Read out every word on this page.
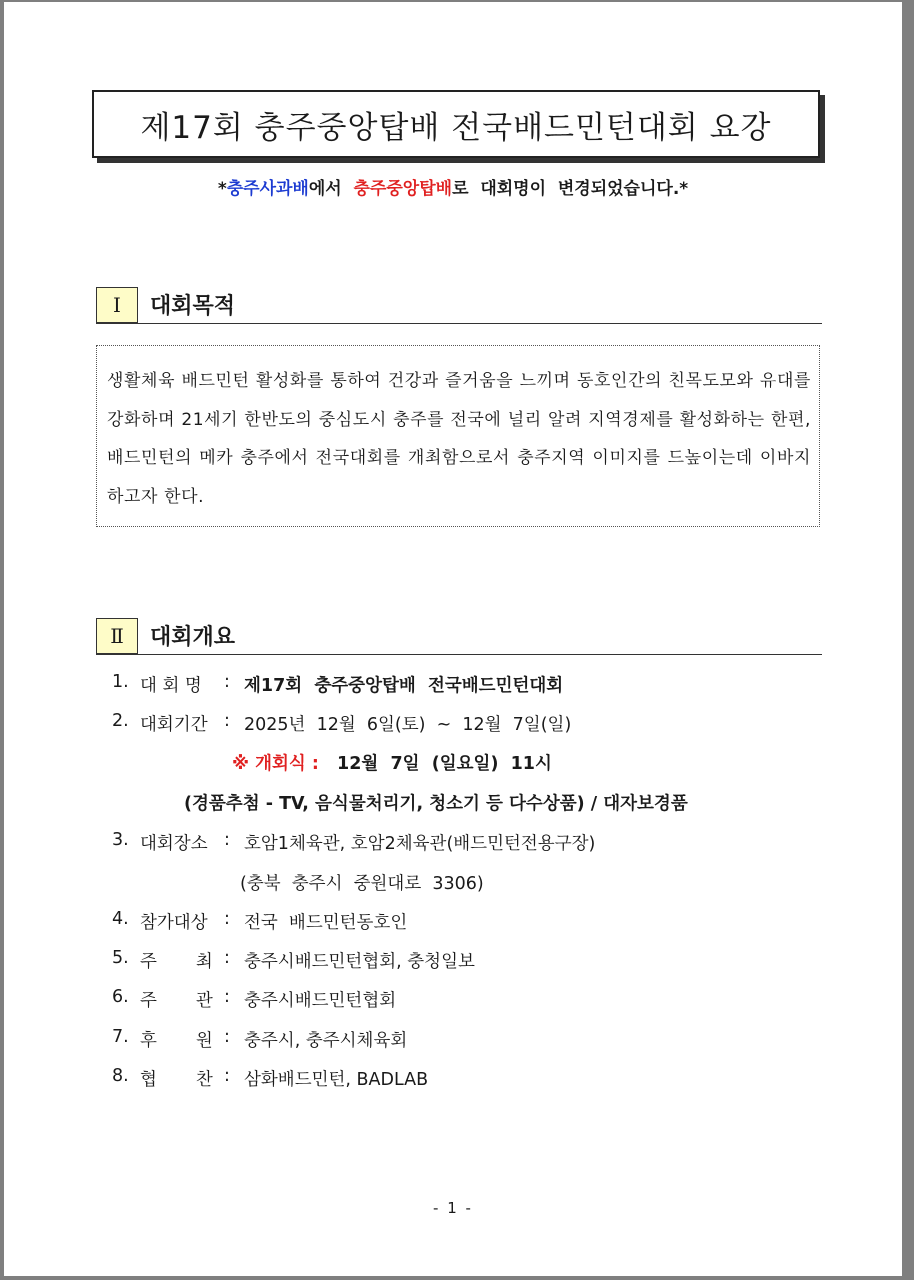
제17회 충주중앙탑배 전국배드민턴대회 요강
*충주사과배에서  충주중앙탑배로  대회명이  변경되었습니다.*
Ⅰ	대회목적

생활체육 배드민턴 활성화를 통하여 건강과 즐거움을 느끼며 동호인간의 친목도모와 유대를 강화하며 21세기 한반도의 중심도시 충주를 전국에 널리 알려 지역경제를 활성화하는 한편, 배드민턴의 메카 충주에서 전국대회를 개최함으로서 충주지역 이미지를 드높이는데 이바지 하고자 한다.

Ⅱ	대회개요
1. 대 회 명 : 제17회  충주중앙탑배  전국배드민턴대회
2. 대회기간 : 2025년  12월  6일(토)  ~  12월  7일(일)
※ 개회식 : 12월  7일  (일요일)  11시
(경품추첨 - TV, 음식물처리기, 청소기 등 다수상품) / 대자보경품
3. 대회장소 : 호암1체육관, 호암2체육관(배드민턴전용구장)
(충북  충주시  중원대로  3306)
4. 참가대상 : 전국  배드민턴동호인
5. 주       최 : 충주시배드민턴협회, 충청일보
6. 주       관 : 충주시배드민턴협회
7. 후       원 : 충주시, 충주시체육회
8. 협       찬 : 삼화배드민턴, BADLAB
- 1 -
